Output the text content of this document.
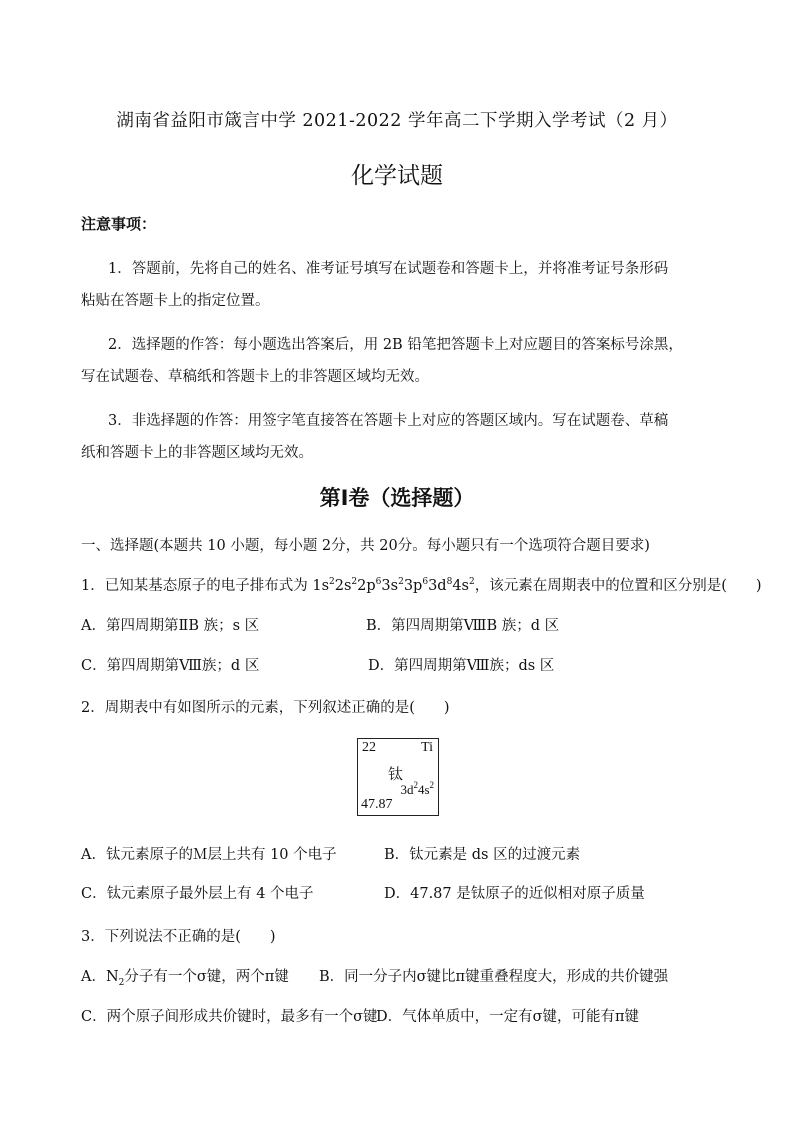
湖南省益阳市箴言中学 2021-2022 学年高二下学期入学考试（2 月）
化学试题
注意事项：
1．答题前，先将自己的姓名、准考证号填写在试题卷和答题卡上，并将准考证号条形码
粘贴在答题卡上的指定位置。
2．选择题的作答：每小题选出答案后，用 2B 铅笔把答题卡上对应题目的答案标号涂黑，
写在试题卷、草稿纸和答题卡上的非答题区域均无效。
3．非选择题的作答：用签字笔直接答在答题卡上对应的答题区域内。写在试题卷、草稿
纸和答题卡上的非答题区域均无效。
第Ⅰ卷（选择题）
一、选择题(本题共 10 小题，每小题 2分，共 20分。每小题只有一个选项符合题目要求)
1．已知某基态原子的电子排布式为 $1s^22s^22p^63s^23p^63d^84s^2$，该元素在周期表中的位置和区分别是(　　)
A．第四周期第ⅡB 族；s 区	B．第四周期第ⅧB 族；d 区
C．第四周期第Ⅷ族；d 区	D．第四周期第Ⅷ族；ds 区
2．周期表中有如图所示的元素，下列叙述正确的是(　　)
22	Ti
钛
$3d^24s^2$
47.87
A．钛元素原子的Ｍ层上共有 10 个电子	B．钛元素是 ds 区的过渡元素
C．钛元素原子最外层上有 4 个电子	D．47.87 是钛原子的近似相对原子质量
3．下列说法不正确的是(　　)
A．$N_2$分子有一个σ键，两个π键 B．同一分子内σ键比π键重叠程度大，形成的共价键强
C．两个原子间形成共价键时，最多有一个σ键
D．气体单质中，一定有σ键，可能有π键
